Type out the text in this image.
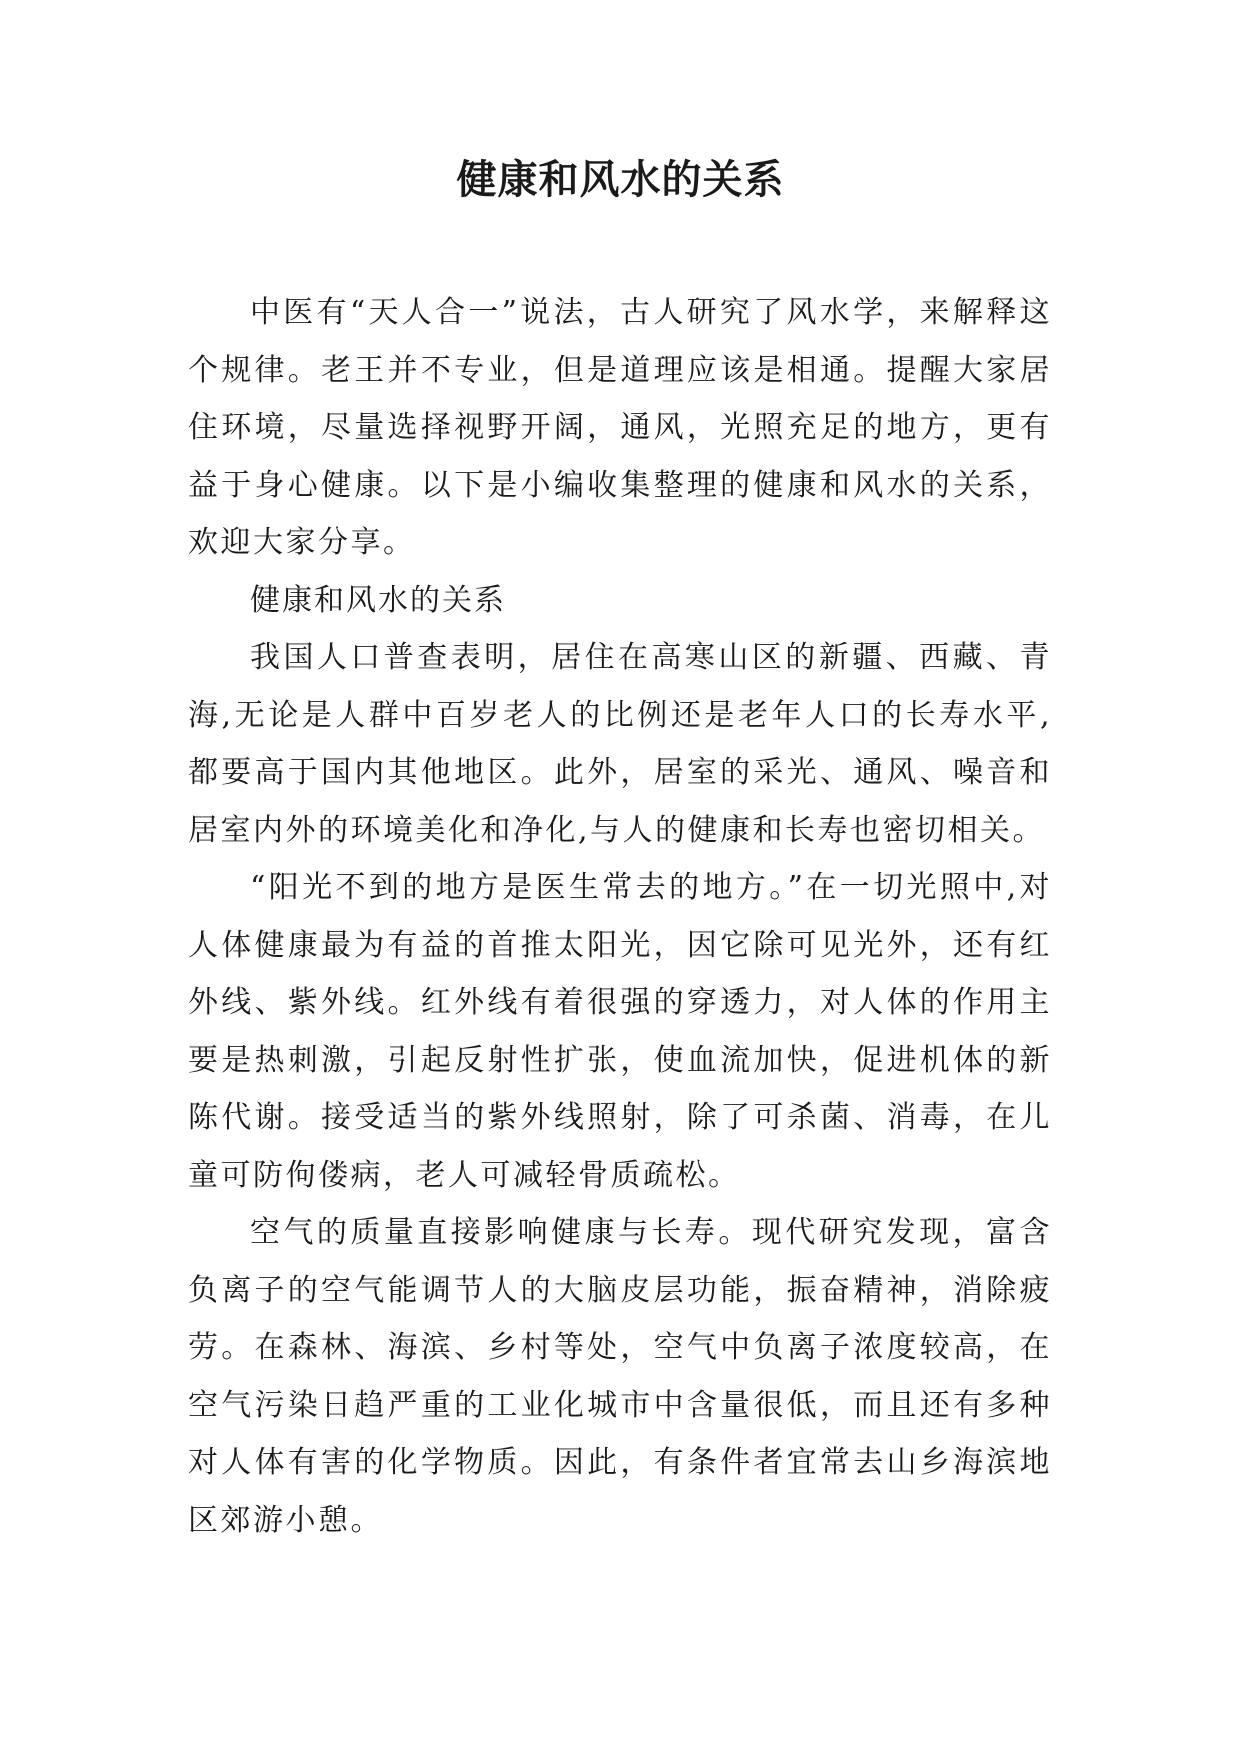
健康和风水的关系

中医有“天人合一”说法，古人研究了风水学，来解释这个规律。老王并不专业，但是道理应该是相通。提醒大家居住环境，尽量选择视野开阔，通风，光照充足的地方，更有益于身心健康。以下是小编收集整理的健康和风水的关系，欢迎大家分享。

健康和风水的关系

我国人口普查表明，居住在高寒山区的新疆、西藏、青海,无论是人群中百岁老人的比例还是老年人口的长寿水平,都要高于国内其他地区。此外，居室的采光、通风、噪音和居室内外的环境美化和净化,与人的健康和长寿也密切相关。

“阳光不到的地方是医生常去的地方。”在一切光照中,对人体健康最为有益的首推太阳光，因它除可见光外，还有红外线、紫外线。红外线有着很强的穿透力，对人体的作用主要是热刺激，引起反射性扩张，使血流加快，促进机体的新陈代谢。接受适当的紫外线照射，除了可杀菌、消毒，在儿童可防佝偻病，老人可减轻骨质疏松。

空气的质量直接影响健康与长寿。现代研究发现，富含负离子的空气能调节人的大脑皮层功能，振奋精神，消除疲劳。在森林、海滨、乡村等处，空气中负离子浓度较高，在空气污染日趋严重的工业化城市中含量很低，而且还有多种对人体有害的化学物质。因此，有条件者宜常去山乡海滨地区郊游小憩。
